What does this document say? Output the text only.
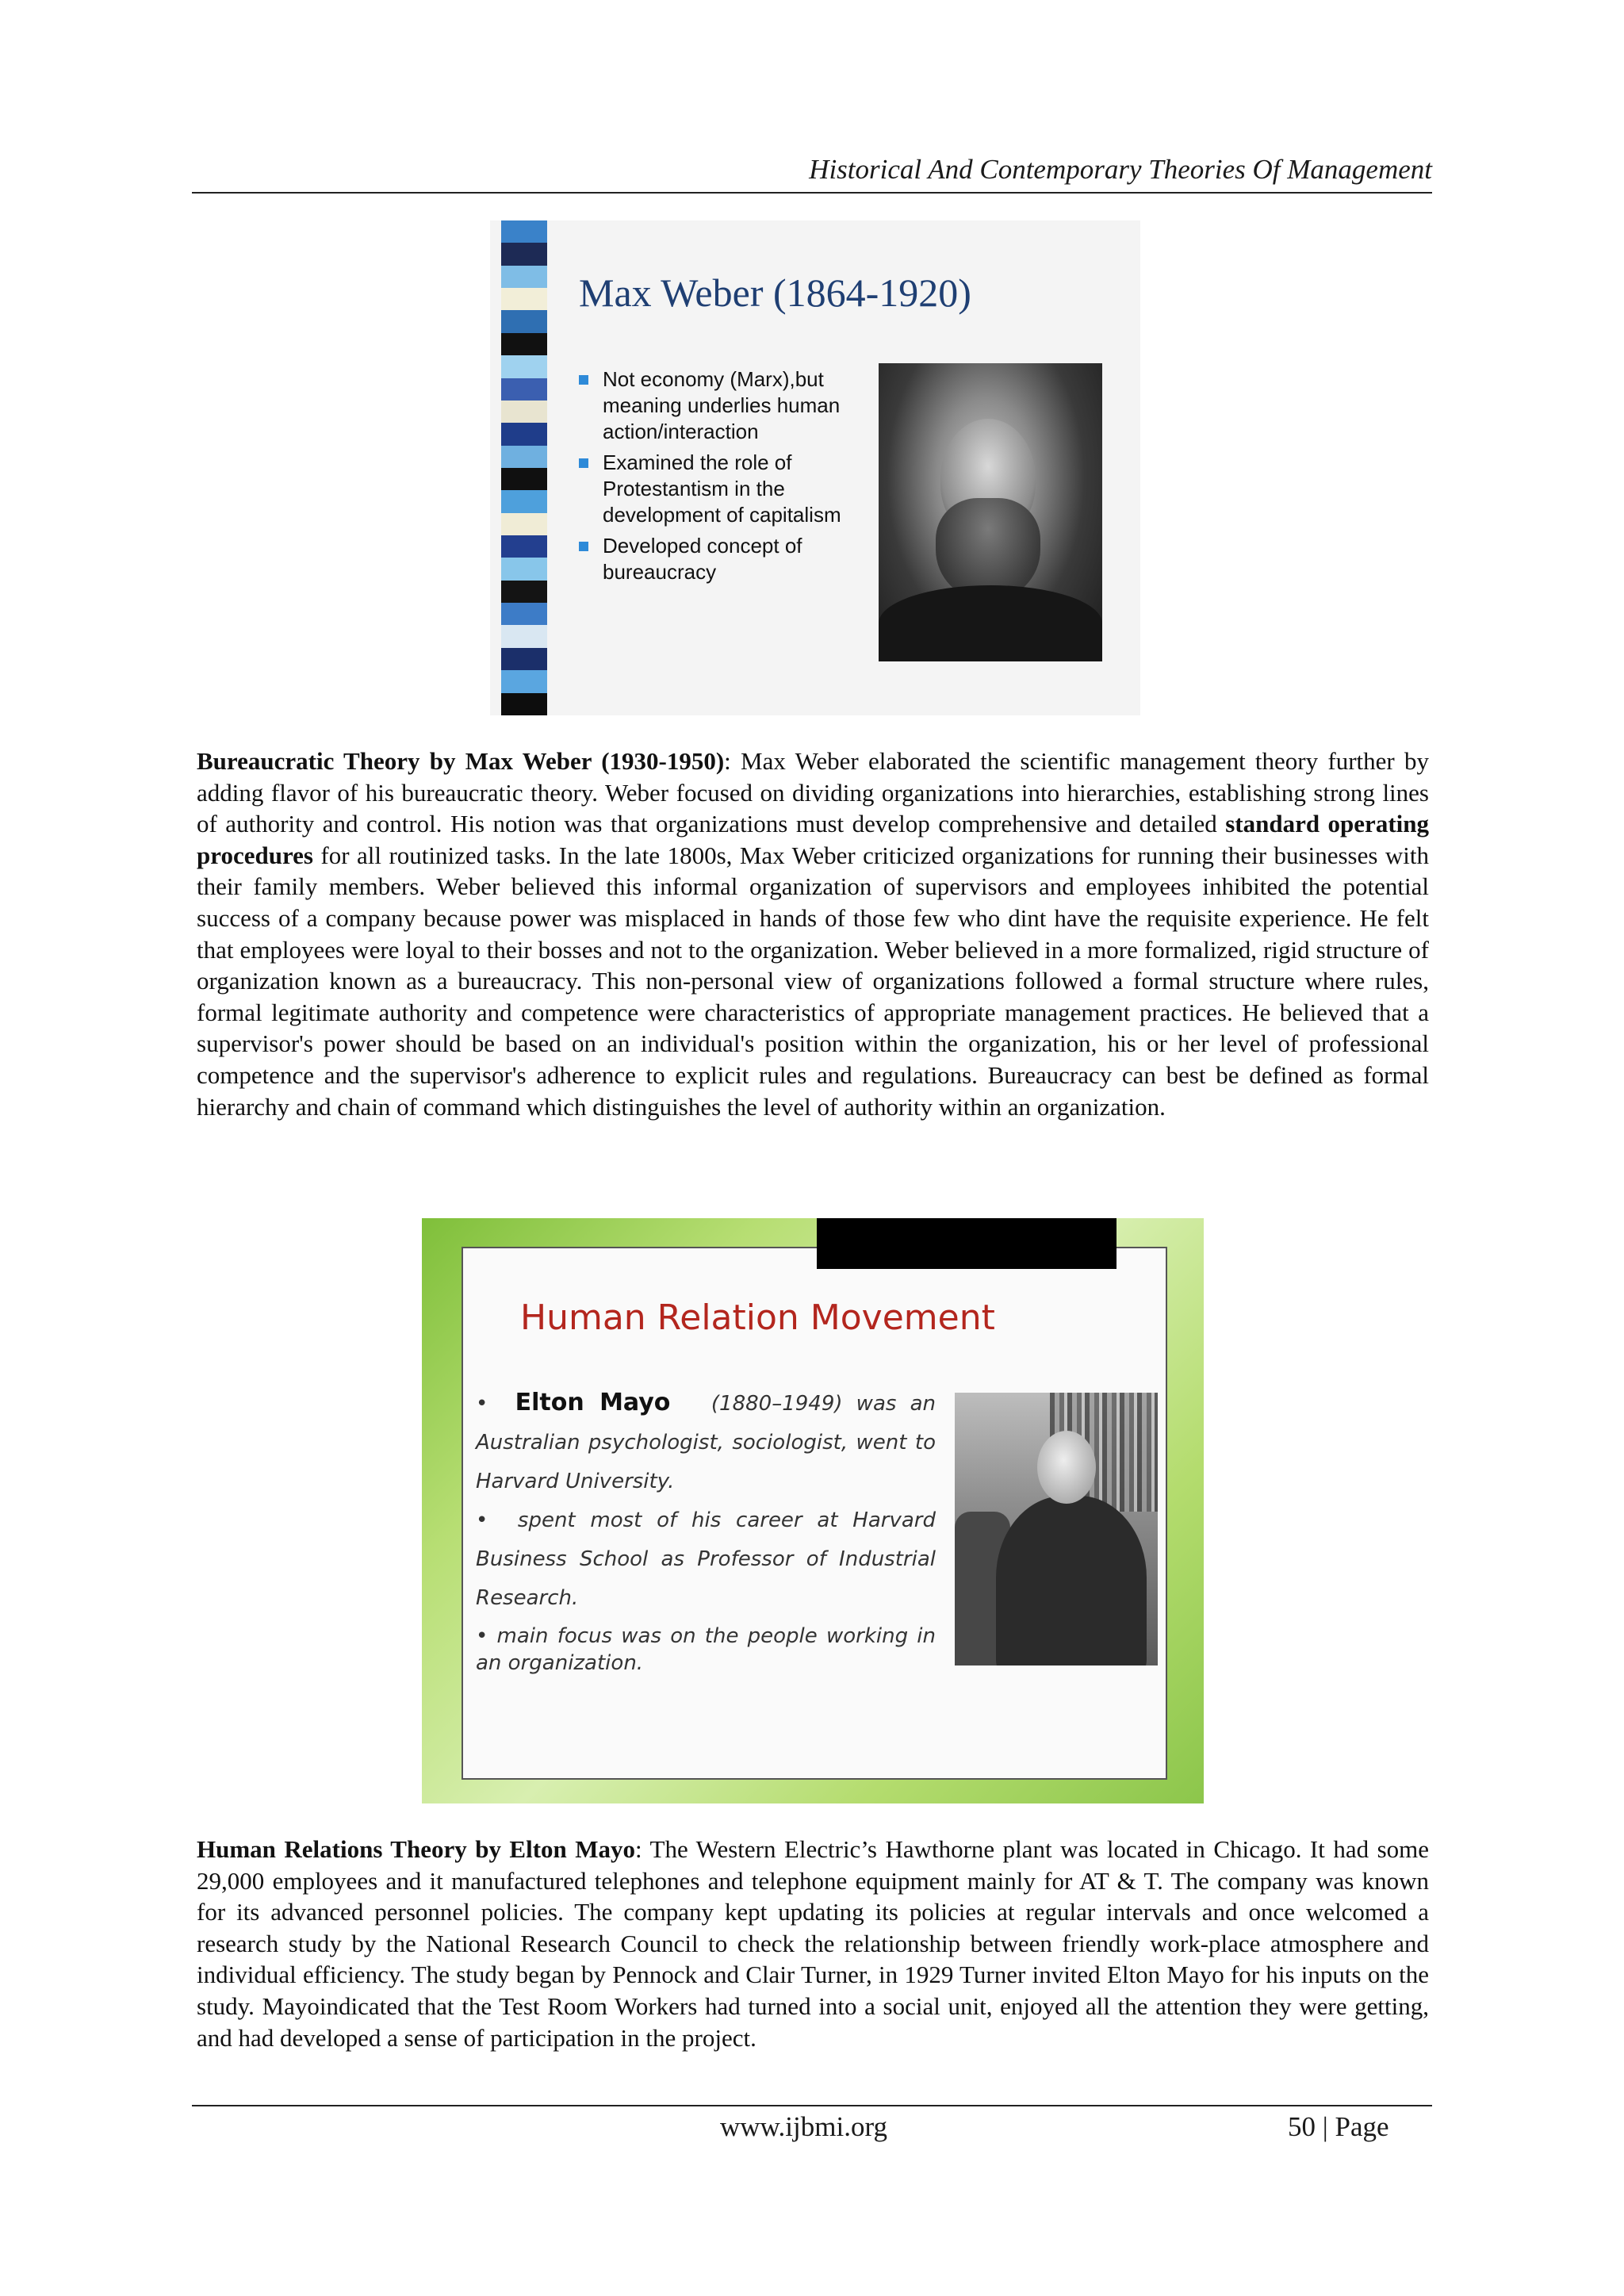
Historical And Contemporary Theories Of Management
Max Weber (1864-1920)
Not economy (Marx),but meaning underlies human action/interaction
Examined the role of Protestantism in the development of capitalism
Developed concept of bureaucracy
Bureaucratic Theory by Max Weber (1930-1950): Max Weber elaborated the scientific management theory further by adding flavor of his bureaucratic theory. Weber focused on dividing organizations into hierarchies, establishing strong lines of authority and control. His notion was that organizations must develop comprehensive and detailed standard operating procedures for all routinized tasks. In the late 1800s, Max Weber criticized organizations for running their businesses with their family members. Weber believed this informal organization of supervisors and employees inhibited the potential success of a company because power was misplaced in hands of those few who dint have the requisite experience. He felt that employees were loyal to their bosses and not to the organization. Weber believed in a more formalized, rigid structure of organization known as a bureaucracy. This non-personal view of organizations followed a formal structure where rules, formal legitimate authority and competence were characteristics of appropriate management practices. He believed that a supervisor's power should be based on an individual's position within the organization, his or her level of professional competence and the supervisor's adherence to explicit rules and regulations. Bureaucracy can best be defined as formal hierarchy and chain of command which distinguishes the level of authority within an organization.
Human Relation Movement
•  Elton Mayo (1880–1949) was an Australian psychologist, sociologist, went to Harvard University.
•  spent most of his career at Harvard Business School as Professor of Industrial Research.
• main focus was on the people working in an organization.
Human Relations Theory by Elton Mayo: The Western Electric’s Hawthorne plant was located in Chicago. It had some 29,000 employees and it manufactured telephones and telephone equipment mainly for AT & T. The company was known for its advanced personnel policies. The company kept updating its policies at regular intervals and once welcomed a research study by the National Research Council to check the relationship between friendly work-place atmosphere and individual efficiency. The study began by Pennock and Clair Turner, in 1929 Turner invited Elton Mayo for his inputs on the study. Mayoindicated that the Test Room Workers had turned into a social unit, enjoyed all the attention they were getting, and had developed a sense of participation in the project.
www.ijbmi.org	50 | Page
